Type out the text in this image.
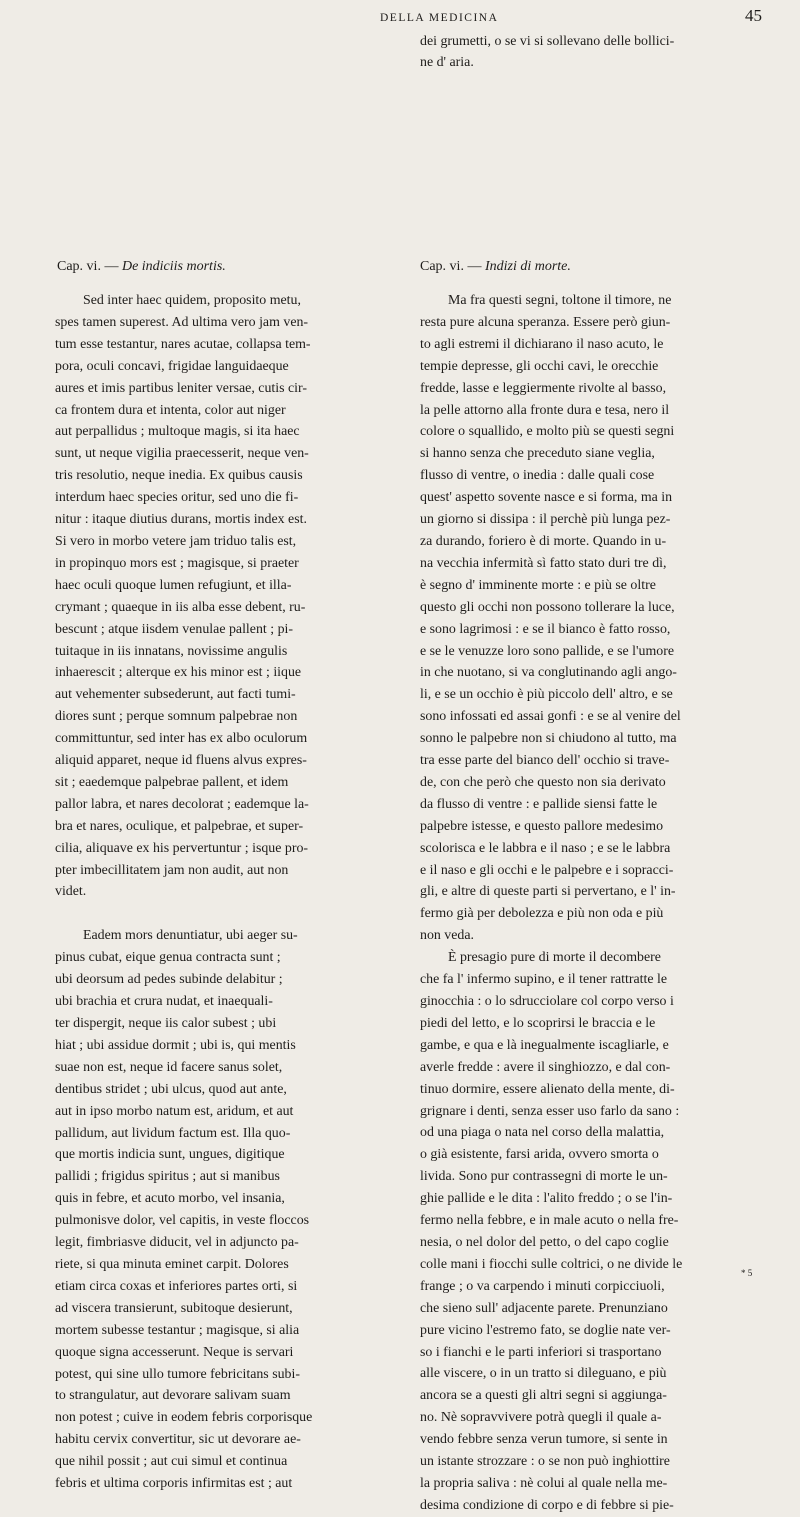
DELLA MEDICINA	45
dei grumetti, o se vi si sollevano delle bollici-
ne d' aria.
Cap. vi. — De indiciis mortis.	Cap. vi. — Indizi di morte.

Sed inter haec quidem, proposito metu,
spes tamen superest. Ad ultima vero jam ven-
tum esse testantur, nares acutae, collapsa tem-
pora, oculi concavi, frigidae languidaeque
aures et imis partibus leniter versae, cutis cir-
ca frontem dura et intenta, color aut niger
aut perpallidus ; multoque magis, si ita haec
sunt, ut neque vigilia praecesserit, neque ven-
tris resolutio, neque inedia. Ex quibus causis
interdum haec species oritur, sed uno die fi-
nitur : itaque diutius durans, mortis index est.
Si vero in morbo vetere jam triduo talis est,
in propinquo mors est ; magisque, si praeter
haec oculi quoque lumen refugiunt, et illa-
crymant ; quaeque in iis alba esse debent, ru-
bescunt ; atque iisdem venulae pallent ; pi-
tuitaque in iis innatans, novissime angulis
inhaerescit ; alterque ex his minor est ; iique
aut vehementer subsederunt, aut facti tumi-
diores sunt ; perque somnum palpebrae non
committuntur, sed inter has ex albo oculorum
aliquid apparet, neque id fluens alvus expres-
sit ; eaedemque palpebrae pallent, et idem
pallor labra, et nares decolorat ; eademque la-
bra et nares, oculique, et palpebrae, et super-
cilia, aliquave ex his pervertuntur ; isque pro-
pter imbecillitatem jam non audit, aut non
videt.

Eadem mors denuntiatur, ubi aeger su-
pinus cubat, eique genua contracta sunt ;
ubi deorsum ad pedes subinde delabitur ;
ubi brachia et crura nudat, et inaequali-
ter dispergit, neque iis calor subest ; ubi
hiat ; ubi assidue dormit ; ubi is, qui mentis
suae non est, neque id facere sanus solet,
dentibus stridet ; ubi ulcus, quod aut ante,
aut in ipso morbo natum est, aridum, et aut
pallidum, aut lividum factum est. Illa quo-
que mortis indicia sunt, ungues, digitique
pallidi ; frigidus spiritus ; aut si manibus
quis in febre, et acuto morbo, vel insania,
pulmonisve dolor, vel capitis, in veste floccos
legit, fimbriasve diducit, vel in adjuncto pa-
riete, si qua minuta eminet carpit. Dolores
etiam circa coxas et inferiores partes orti, si
ad viscera transierunt, subitoque desierunt,
mortem subesse testantur ; magisque, si alia
quoque signa accesserunt. Neque is servari
potest, qui sine ullo tumore febricitans subi-
to strangulatur, aut devorare salivam suam
non potest ; cuive in eodem febris corporisque
habitu cervix convertitur, sic ut devorare ae-
que nihil possit ; aut cui simul et continua
febris et ultima corporis infirmitas est ; aut

Ma fra questi segni, toltone il timore, ne
resta pure alcuna speranza. Essere però giun-
to agli estremi il dichiarano il naso acuto, le
tempie depresse, gli occhi cavi, le orecchie
fredde, lasse e leggiermente rivolte al basso,
la pelle attorno alla fronte dura e tesa, nero il
colore o squallido, e molto più se questi segni
si hanno senza che preceduto siane veglia,
flusso di ventre, o inedia : dalle quali cose
quest' aspetto sovente nasce e si forma, ma in
un giorno si dissipa : il perchè più lunga pez-
za durando, foriero è di morte. Quando in u-
na vecchia infermità sì fatto stato duri tre dì,
è segno d' imminente morte : e più se oltre
questo gli occhi non possono tollerare la luce,
e sono lagrimosi : e se il bianco è fatto rosso,
e se le venuzze loro sono pallide, e se l'umore
in che nuotano, si va conglutinando agli ango-
li, e se un occhio è più piccolo dell' altro, e se
sono infossati ed assai gonfi : e se al venire del
sonno le palpebre non si chiudono al tutto, ma
tra esse parte del bianco dell' occhio si trave-
de, con che però che questo non sia derivato
da flusso di ventre : e pallide siensi fatte le
palpebre istesse, e questo pallore medesimo
scolorisca e le labbra e il naso ; e se le labbra
e il naso e gli occhi e le palpebre e i sopracci-
gli, e altre di queste parti si pervertano, e l' in-
fermo già per debolezza e più non oda e più
non veda.

È presagio pure di morte il decombere
che fa l' infermo supino, e il tener rattratte le
ginocchia : o lo sdrucciolare col corpo verso i
piedi del letto, e lo scoprirsi le braccia e le
gambe, e qua e là inegualmente iscagliarle, e
averle fredde : avere il singhiozzo, e dal con-
tinuo dormire, essere alienato della mente, di-
grignare i denti, senza esser uso farlo da sano :
od una piaga o nata nel corso della malattia,
o già esistente, farsi arida, ovvero smorta o
livida. Sono pur contrassegni di morte le un-
ghie pallide e le dita : l'alito freddo ; o se l'in-
fermo nella febbre, e in male acuto o nella fre-
nesia, o nel dolor del petto, o del capo coglie
colle mani i fiocchi sulle coltrici, o ne divide le
frange ; o va carpendo i minuti corpicciuoli,
che sieno sull' adjacente parete. Prenunziano
pure vicino l'estremo fato, se doglie nate ver-
so i fianchi e le parti inferiori si trasportano
alle viscere, o in un tratto si dileguano, e più
ancora se a questi gli altri segni si aggiunga-
no. Nè sopravvivere potrà quegli il quale a-
vendo febbre senza verun tumore, si sente in
un istante strozzare : o se non può inghiottire
la propria saliva : nè colui al quale nella me-
desima condizione di corpo e di febbre si pie-

* 5
